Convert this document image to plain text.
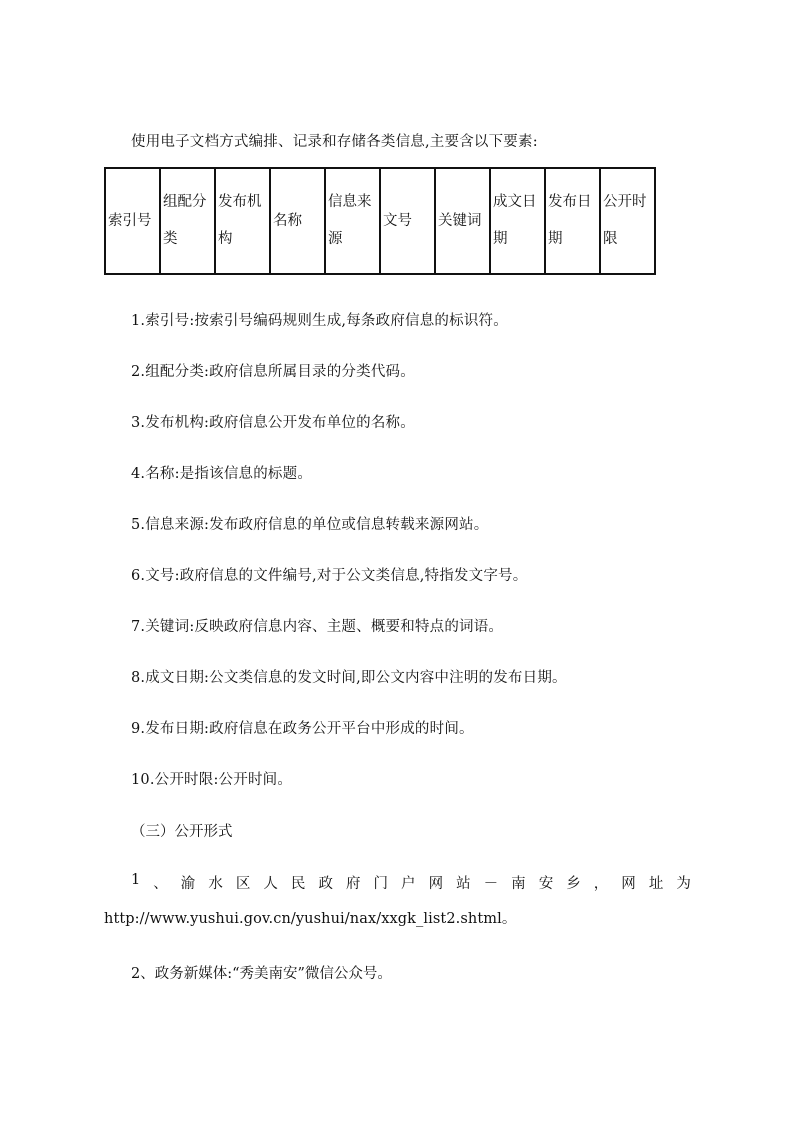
使用电子文档方式编排、记录和存储各类信息,主要含以下要素:
索引号	组配分类	发布机构	名称	信息来源	文号	关键词	成文日期	发布日期	公开时限
1.索引号:按索引号编码规则生成,每条政府信息的标识符。
2.组配分类:政府信息所属目录的分类代码。
3.发布机构:政府信息公开发布单位的名称。
4.名称:是指该信息的标题。
5.信息来源:发布政府信息的单位或信息转载来源网站。
6.文号:政府信息的文件编号,对于公文类信息,特指发文字号。
7.关键词:反映政府信息内容、主题、概要和特点的词语。
8.成文日期:公文类信息的发文时间,即公文内容中注明的发布日期。
9.发布日期:政府信息在政务公开平台中形成的时间。
10.公开时限:公开时间。
（三）公开形式
1 、 渝 水 区 人 民 政 府 门 户 网 站 － 南 安 乡 ， 网 址 为
http://www.yushui.gov.cn/yushui/nax/xxgk_list2.shtml。
2、政务新媒体:“秀美南安”微信公众号。
